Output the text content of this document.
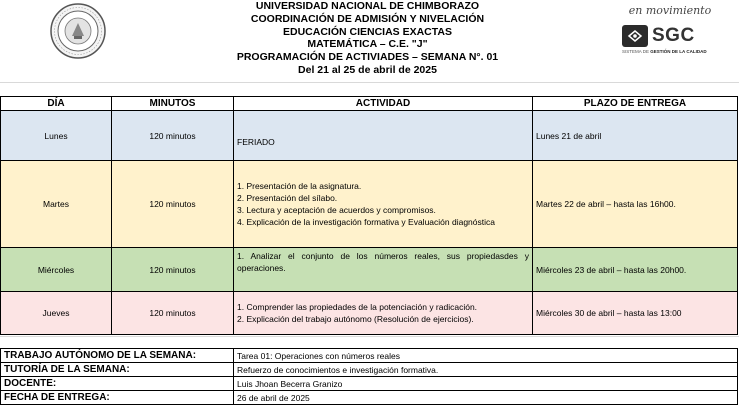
UNIVERSIDAD NACIONAL DE CHIMBORAZO
COORDINACIÓN DE ADMISIÓN Y NIVELACIÓN
EDUCACIÓN CIENCIAS EXACTAS
MATEMÁTICA – C.E. "J"
PROGRAMACIÓN DE ACTIVIADES – SEMANA N°. 01
Del 21 al 25 de abril de 2025
en movimiento
SGC
SISTEMA DE GESTIÓN DE LA CALIDAD
DÍA	MINUTOS	ACTIVIDAD	PLAZO DE ENTREGA
Lunes	120 minutos	FERIADO	Lunes 21 de abril
Martes	120 minutos	1. Presentación de la asignatura.
2. Presentación del sílabo.
3. Lectura y aceptación de acuerdos y compromisos.
4. Explicación de la investigación formativa y Evaluación diagnóstica	Martes 22 de abril – hasta las 16h00.
Miércoles	120 minutos	1. Analizar el conjunto de los números reales, sus propiedasdes y operaciones.	Miércoles 23 de abril – hasta las 20h00.
Jueves	120 minutos	1. Comprender las propiedades de la potenciación y radicación.
2. Explicación del trabajo autónomo (Resolución de ejercicios).	Miércoles 30 de abril – hasta las 13:00
TRABAJO AUTÓNOMO DE LA SEMANA:	Tarea 01: Operaciones con números reales
TUTORÍA DE LA SEMANA:	Refuerzo de conocimientos e investigación formativa.
DOCENTE:	Luis Jhoan Becerra Granizo
FECHA DE ENTREGA:	26 de abril de 2025
